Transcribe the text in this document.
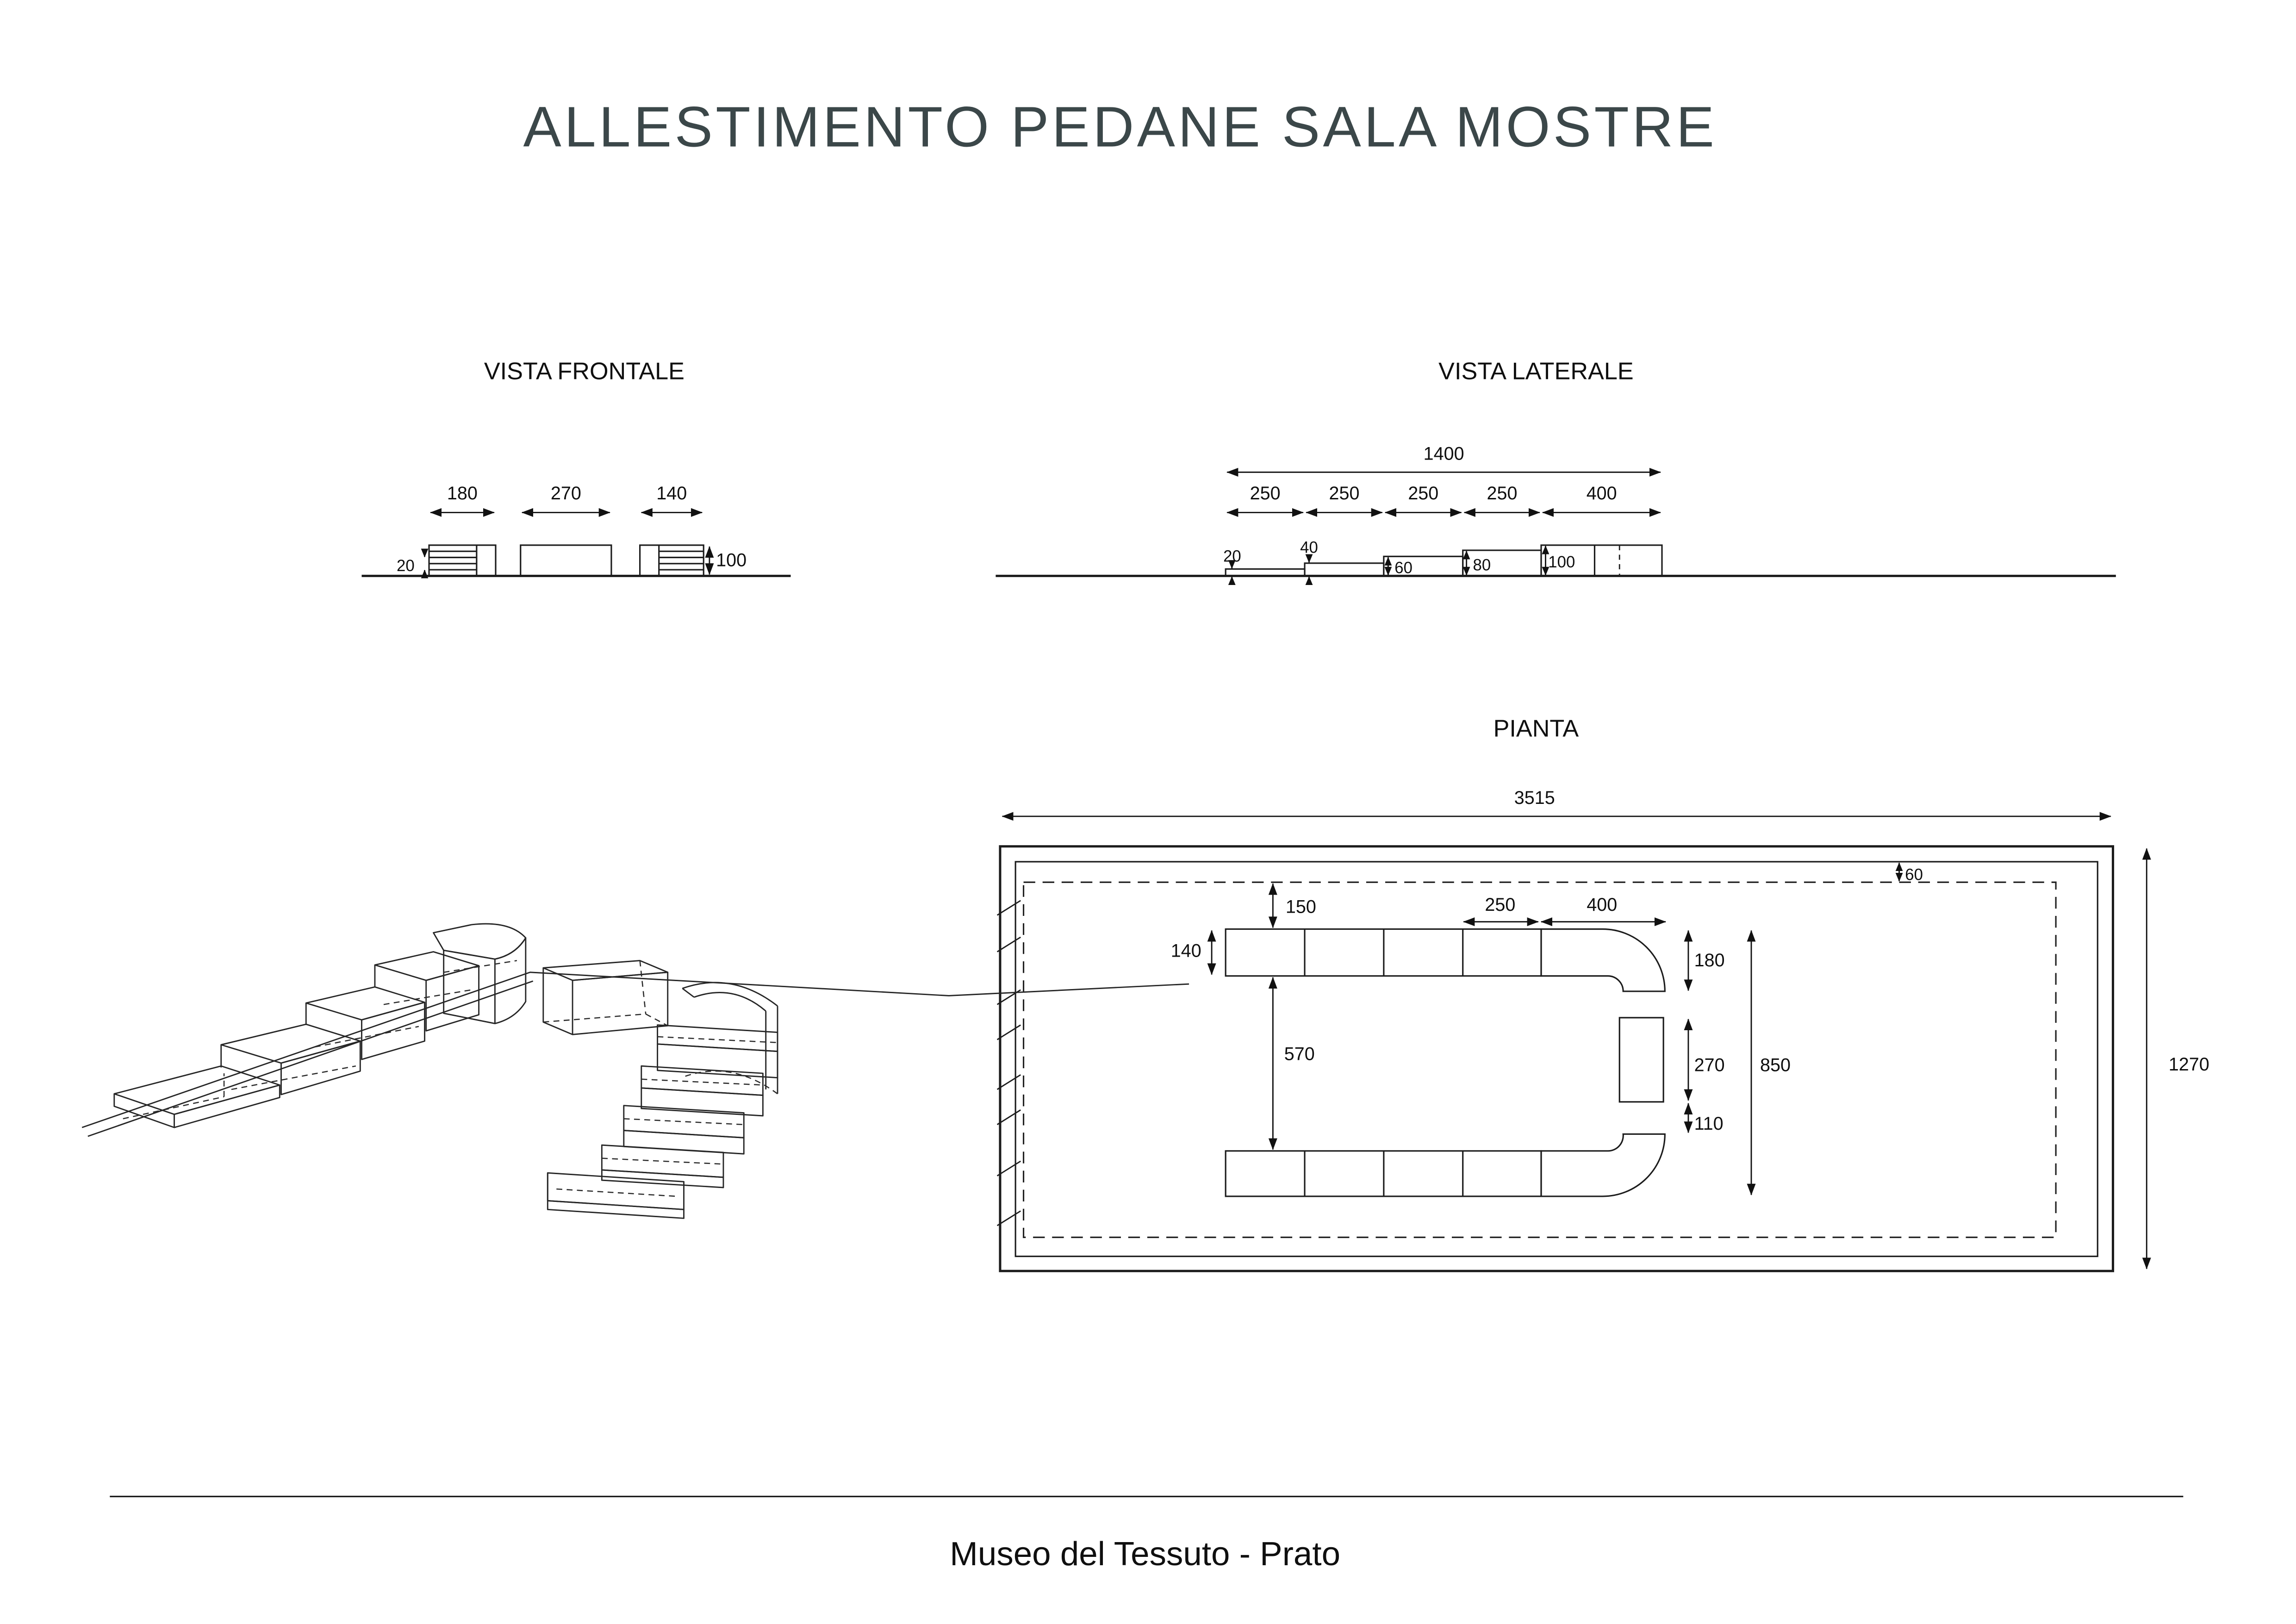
ALLESTIMENTO PEDANE SALA MOSTRE
VISTA FRONTALE
180	270	140
20	100
VISTA LATERALE
1400
250	250	250	250	400
20	40
60	80	100
PIANTA
3515
60
150	250	400
140
570
180
270
110
850	1270
Museo del Tessuto - Prato
